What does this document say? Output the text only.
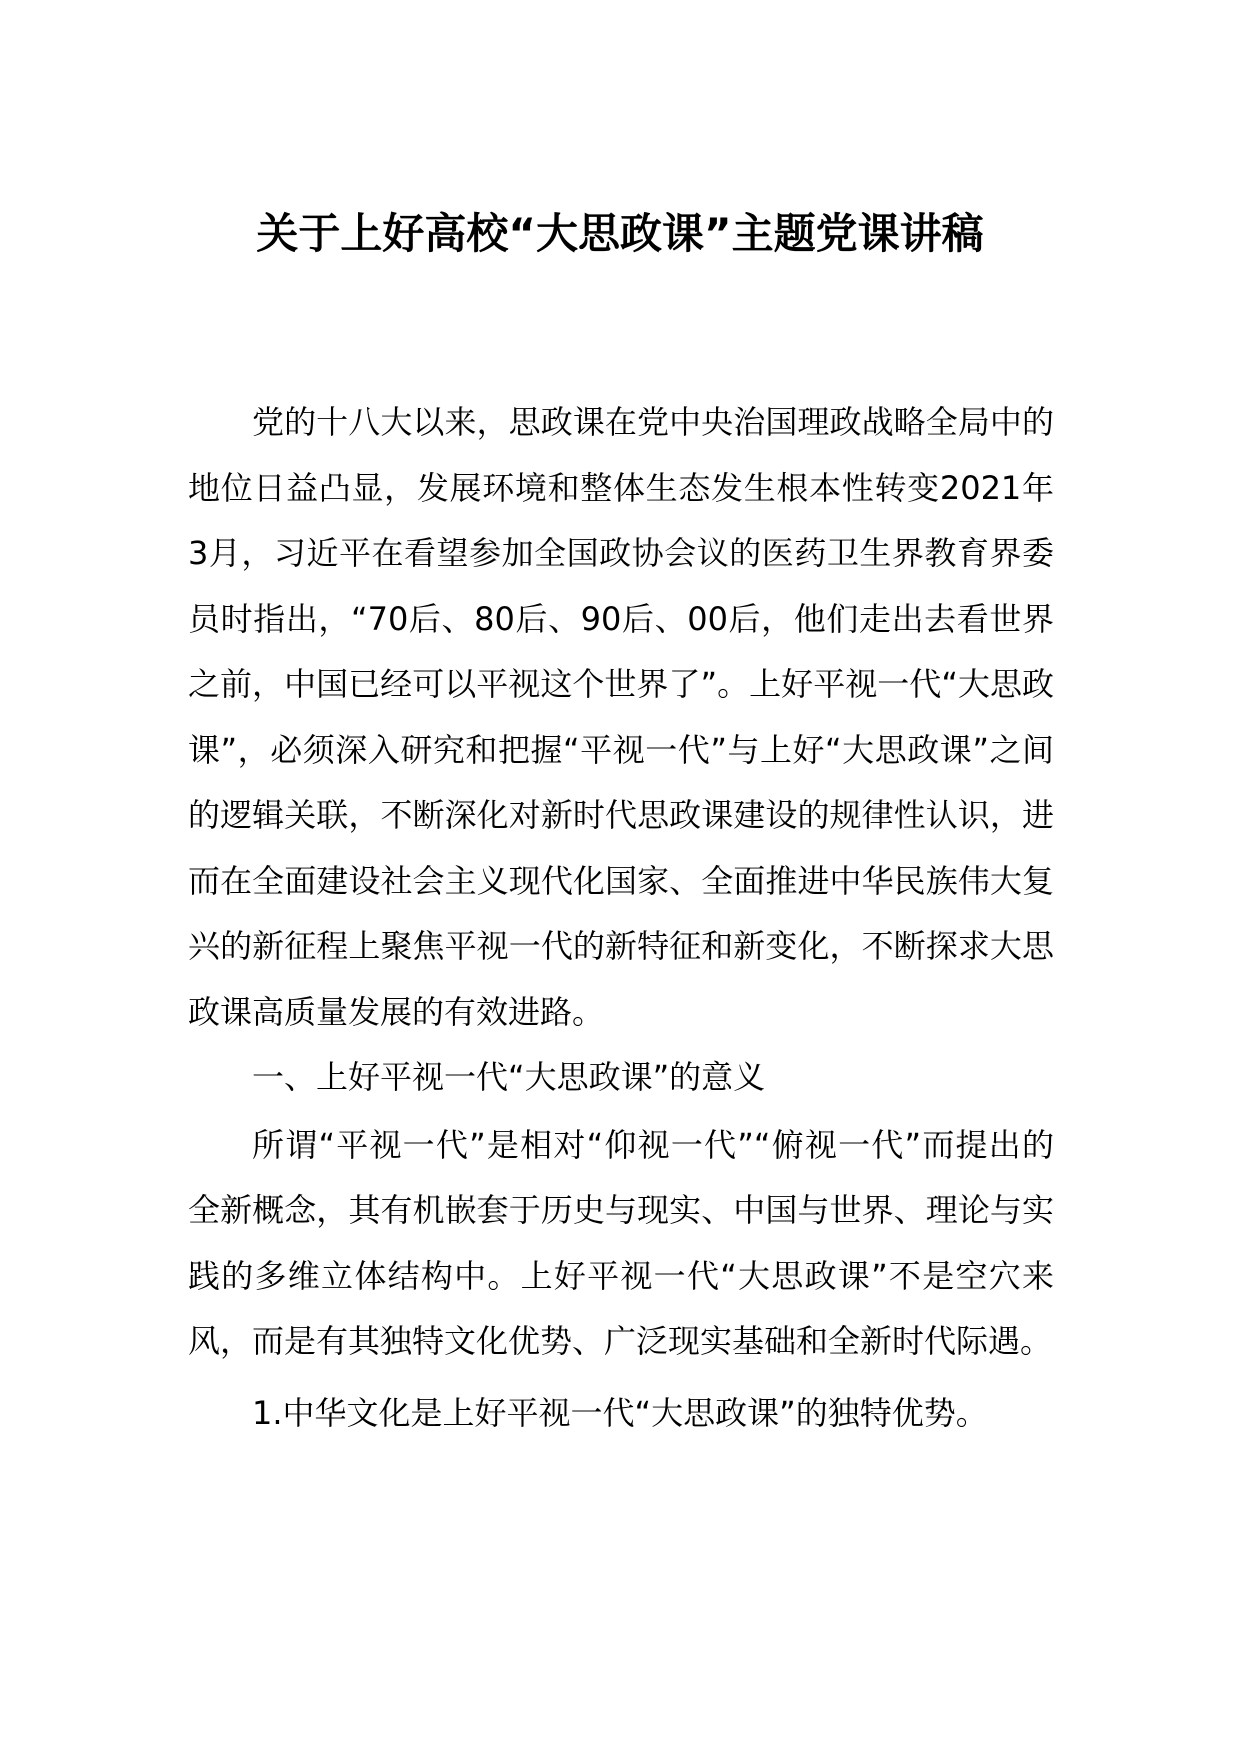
关于上好高校“大思政课”主题党课讲稿

党的十八大以来，思政课在党中央治国理政战略全局中的地位日益凸显，发展环境和整体生态发生根本性转变2021年3月，习近平在看望参加全国政协会议的医药卫生界教育界委员时指出，“70后、80后、90后、00后，他们走出去看世界之前，中国已经可以平视这个世界了”。上好平视一代“大思政课”，必须深入研究和把握“平视一代”与上好“大思政课”之间的逻辑关联，不断深化对新时代思政课建设的规律性认识，进而在全面建设社会主义现代化国家、全面推进中华民族伟大复兴的新征程上聚焦平视一代的新特征和新变化，不断探求大思政课高质量发展的有效进路。

一、上好平视一代“大思政课”的意义

所谓“平视一代”是相对“仰视一代”“俯视一代”而提出的全新概念，其有机嵌套于历史与现实、中国与世界、理论与实践的多维立体结构中。上好平视一代“大思政课”不是空穴来风，而是有其独特文化优势、广泛现实基础和全新时代际遇。

1.中华文化是上好平视一代“大思政课”的独特优势。
